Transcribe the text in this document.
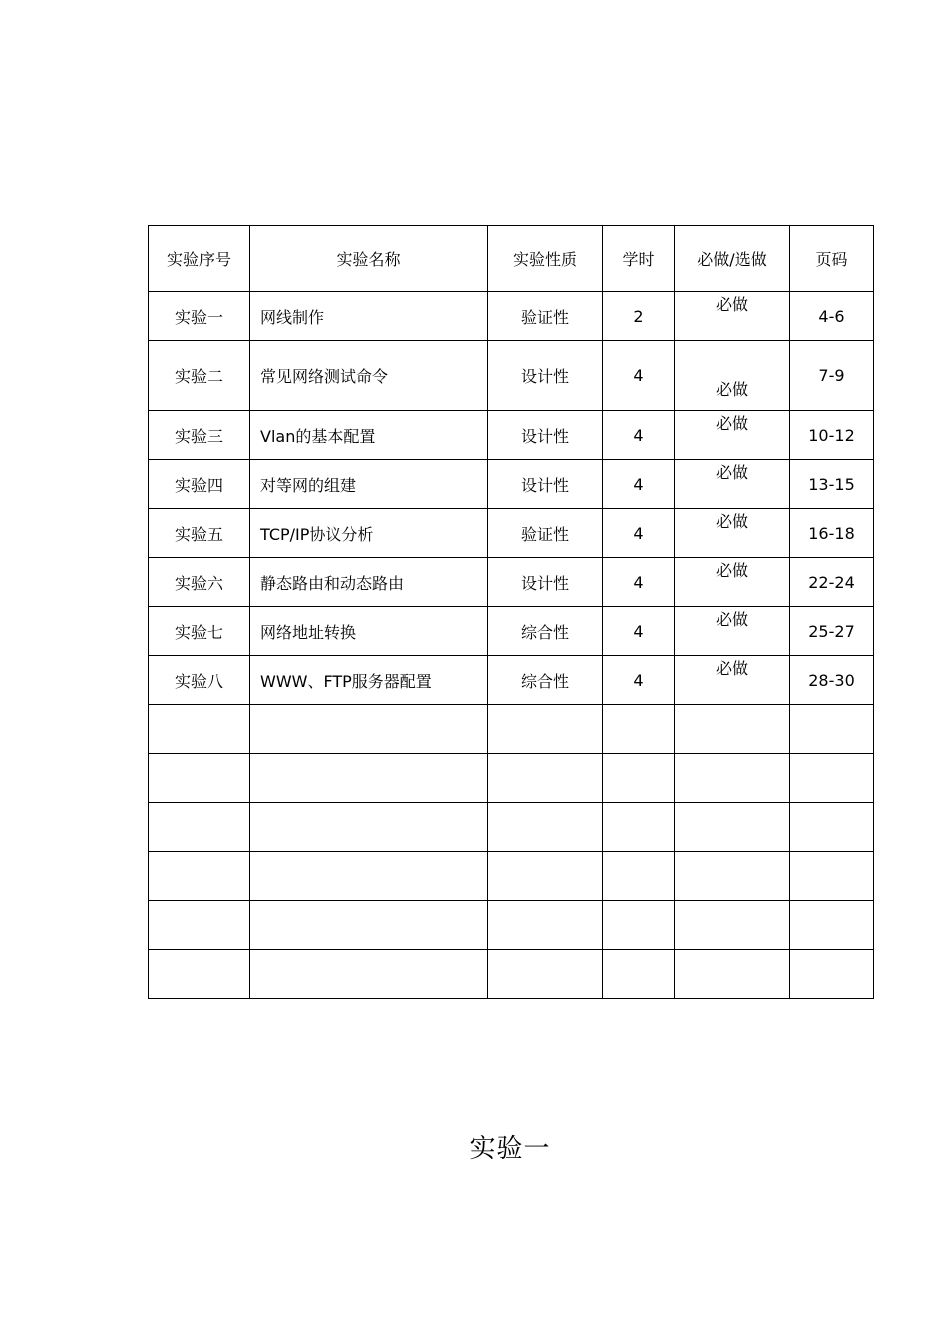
实验序号	实验名称	实验性质	学时	必做/选做	页码
实验一	网线制作	验证性	2	必做	4-6
实验二	常见网络测试命令	设计性	4	必做	7-9
实验三	Vlan的基本配置	设计性	4	必做	10-12
实验四	对等网的组建	设计性	4	必做	13-15
实验五	TCP/IP协议分析	验证性	4	必做	16-18
实验六	静态路由和动态路由	设计性	4	必做	22-24
实验七	网络地址转换	综合性	4	必做	25-27
实验八	WWW、FTP服务器配置	综合性	4	必做	28-30

实验一
